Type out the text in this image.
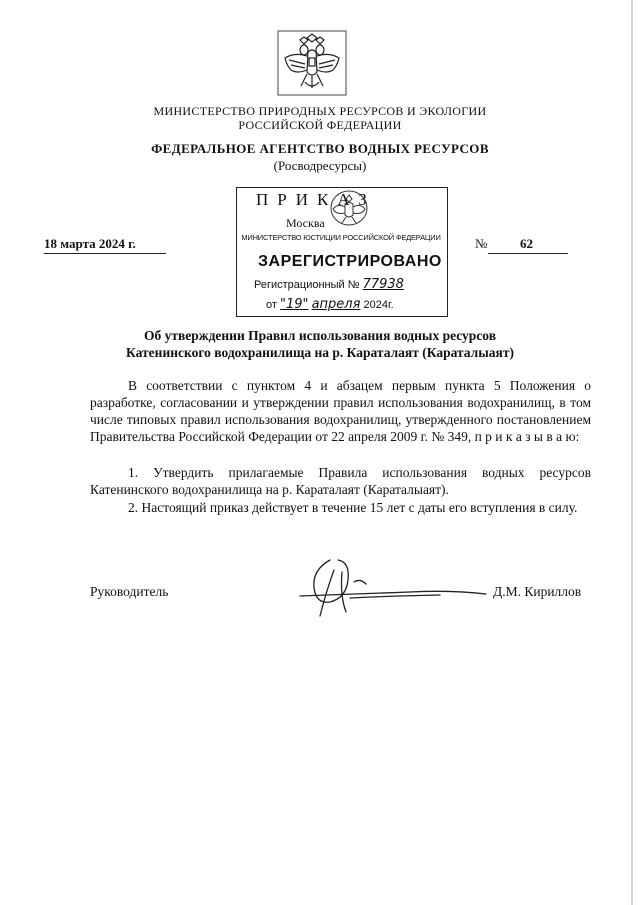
МИНИСТЕРСТВО ПРИРОДНЫХ РЕСУРСОВ И ЭКОЛОГИИ
РОССИЙСКОЙ ФЕДЕРАЦИИ
ФЕДЕРАЛЬНОЕ АГЕНТСТВО ВОДНЫХ РЕСУРСОВ
(Росводресурсы)
ПРИКАЗ
Москва
МИНИСТЕРСТВО ЮСТИЦИИ РОССИЙСКОЙ ФЕДЕРАЦИИ
ЗАРЕГИСТРИРОВАНО
Регистрационный № 77938
от "19" апреля 2024г.
18 марта 2024 г.	№	62
Об утверждении Правил использования водных ресурсов
Катенинского водохранилища на р. Караталаят (Караталыаят)
В соответствии с пунктом 4 и абзацем первым пункта 5 Положения о разработке, согласовании и утверждении правил использования водохранилищ, в том числе типовых правил использования водохранилищ, утвержденного постановлением Правительства Российской Федерации от 22 апреля 2009 г. № 349, п р и к а з ы в а ю:
1. Утвердить прилагаемые Правила использования водных ресурсов Катенинского водохранилища на р. Караталаят (Караталыаят).
2. Настоящий приказ действует в течение 15 лет с даты его вступления в силу.
Руководитель	Д.М. Кириллов
